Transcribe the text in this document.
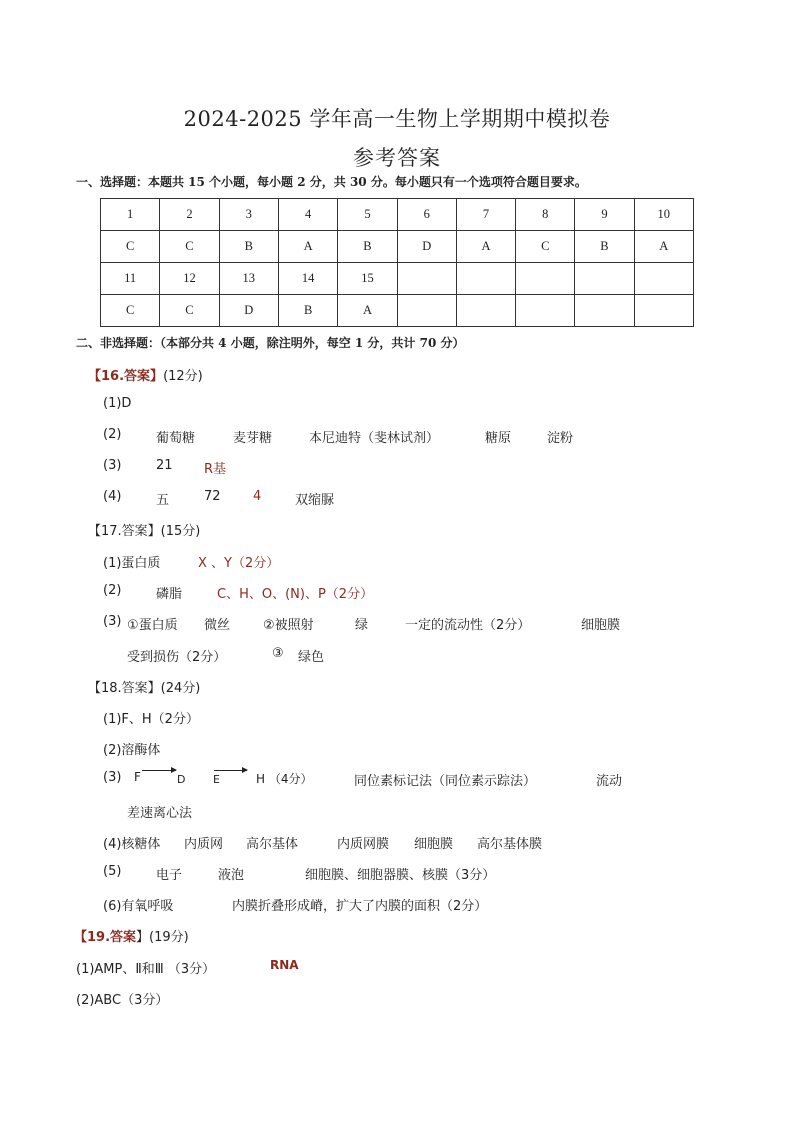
2024-2025 学年高一生物上学期期中模拟卷
参考答案
一、选择题：本题共 15 个小题，每小题 2 分，共 30 分。每小题只有一个选项符合题目要求。
1	2	3	4	5	6	7	8	9	10
C	C	B	A	B	D	A	C	B	A
11	12	13	14	15					
C	C	D	B	A					
二、非选择题：（本部分共 4 小题，除注明外，每空 1 分，共计 70 分）
【16.答案】(12分)
(1)D
(2)	葡萄糖	麦芽糖	本尼迪特（斐林试剂）	糖原	淀粉
(3)	21 R基
(4)	五	72 4	双缩脲
【17.答案】(15分)
(1)蛋白质	X 、Y（2分）
(2)	磷脂	C、H、O、(N)、P（2分）
(3) ①蛋白质 微丝	②被照射	绿	一定的流动性（2分）	细胞膜
受到损伤（2分）	③ 绿色
【18.答案】(24分)
(1)F、H（2分）
(2)溶酶体
(3) F	D	E	H （4分）	同位素标记法（同位素示踪法）	流动
差速离心法
(4)核糖体 内质网 高尔基体	内质网膜 细胞膜 高尔基体膜
(5)	电子	液泡	细胞膜、细胞器膜、核膜（3分）
(6)有氧呼吸	内膜折叠形成嵴，扩大了内膜的面积（2分）
【19.答案】(19分)
(1)AMP、Ⅱ和Ⅲ （3分）	RNA
(2)ABC（3分）
